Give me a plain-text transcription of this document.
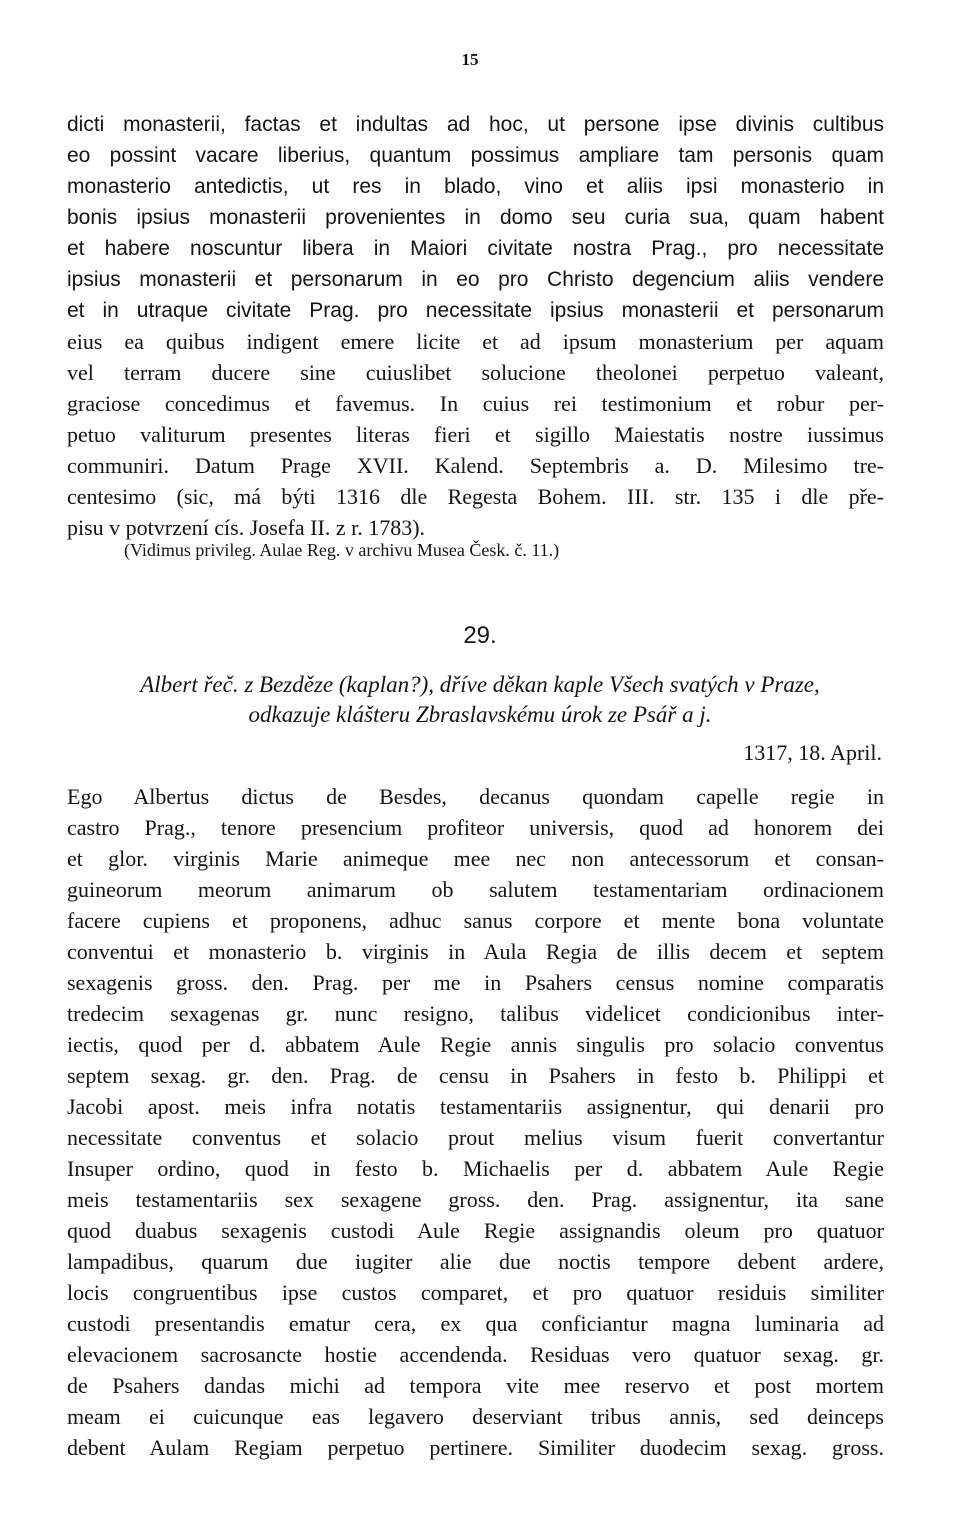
15
dicti monasterii, factas et indultas ad hoc, ut persone ipse divinis cultibus
eo possint vacare liberius, quantum possimus ampliare tam personis quam
monasterio antedictis, ut res in blado, vino et aliis ipsi monasterio in
bonis ipsius monasterii provenientes in domo seu curia sua, quam habent
et habere noscuntur libera in Maiori civitate nostra Prag., pro necessitate
ipsius monasterii et personarum in eo pro Christo degencium aliis vendere
et in utraque civitate Prag. pro necessitate ipsius monasterii et personarum
eius ea quibus indigent emere licite et ad ipsum monasterium per aquam
vel terram ducere sine cuiuslibet solucione theolonei perpetuo valeant,
graciose concedimus et favemus. In cuius rei testimonium et robur per-
petuo valiturum presentes literas fieri et sigillo Maiestatis nostre iussimus
communiri. Datum Prage XVII. Kalend. Septembris a. D. Milesimo tre-
centesimo (sic, má býti 1316 dle Regesta Bohem. III. str. 135 i dle pře-
pisu v potvrzení cís. Josefa II. z r. 1783).
(Vidimus privileg. Aulae Reg. v archivu Musea Česk. č. 11.)
29.
Albert řeč. z Bezděze (kaplan?), dříve děkan kaple Všech svatých v Praze,
odkazuje klášteru Zbraslavskému úrok ze Psář a j.
1317, 18. April.
Ego Albertus dictus de Besdes, decanus quondam capelle regie in
castro Prag., tenore presencium profiteor universis, quod ad honorem dei
et glor. virginis Marie animeque mee nec non antecessorum et consan-
guineorum meorum animarum ob salutem testamentariam ordinacionem
facere cupiens et proponens, adhuc sanus corpore et mente bona voluntate
conventui et monasterio b. virginis in Aula Regia de illis decem et septem
sexagenis gross. den. Prag. per me in Psahers census nomine comparatis
tredecim sexagenas gr. nunc resigno, talibus videlicet condicionibus inter-
iectis, quod per d. abbatem Aule Regie annis singulis pro solacio conventus
septem sexag. gr. den. Prag. de censu in Psahers in festo b. Philippi et
Jacobi apost. meis infra notatis testamentariis assignentur, qui denarii pro
necessitate conventus et solacio prout melius visum fuerit convertantur
Insuper ordino, quod in festo b. Michaelis per d. abbatem Aule Regie
meis testamentariis sex sexagene gross. den. Prag. assignentur, ita sane
quod duabus sexagenis custodi Aule Regie assignandis oleum pro quatuor
lampadibus, quarum due iugiter alie due noctis tempore debent ardere,
locis congruentibus ipse custos comparet, et pro quatuor residuis similiter
custodi presentandis ematur cera, ex qua conficiantur magna luminaria ad
elevacionem sacrosancte hostie accendenda. Residuas vero quatuor sexag. gr.
de Psahers dandas michi ad tempora vite mee reservo et post mortem
meam ei cuicunque eas legavero deserviant tribus annis, sed deinceps
debent Aulam Regiam perpetuo pertinere. Similiter duodecim sexag. gross.
